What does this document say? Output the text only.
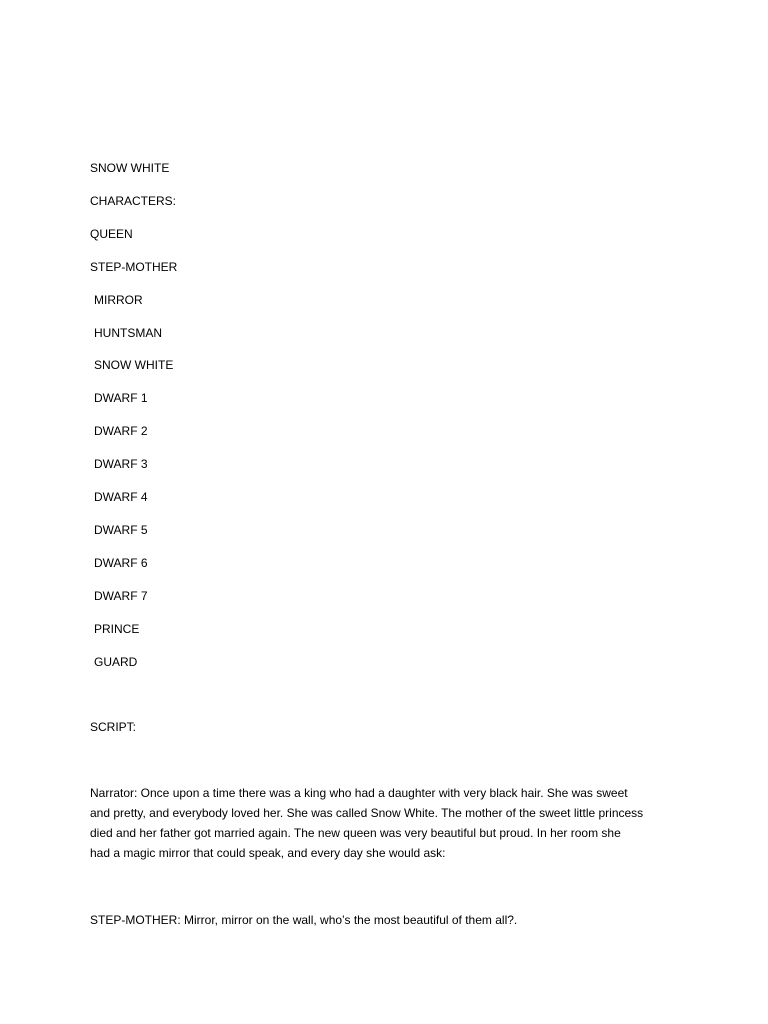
SNOW WHITE
CHARACTERS:
QUEEN
STEP-MOTHER
MIRROR
HUNTSMAN
SNOW WHITE
DWARF 1
DWARF 2
DWARF 3
DWARF 4
DWARF 5
DWARF 6
DWARF 7
PRINCE
GUARD
SCRIPT:
Narrator: Once upon a time there was a king who had a daughter with very black hair. She was sweet
and pretty, and everybody loved her. She was called Snow White. The mother of the sweet little princess
died and her father got married again. The new queen was very beautiful but proud. In her room she
had a magic mirror that could speak, and every day she would ask:
STEP-MOTHER: Mirror, mirror on the wall, who’s the most beautiful of them all?.
